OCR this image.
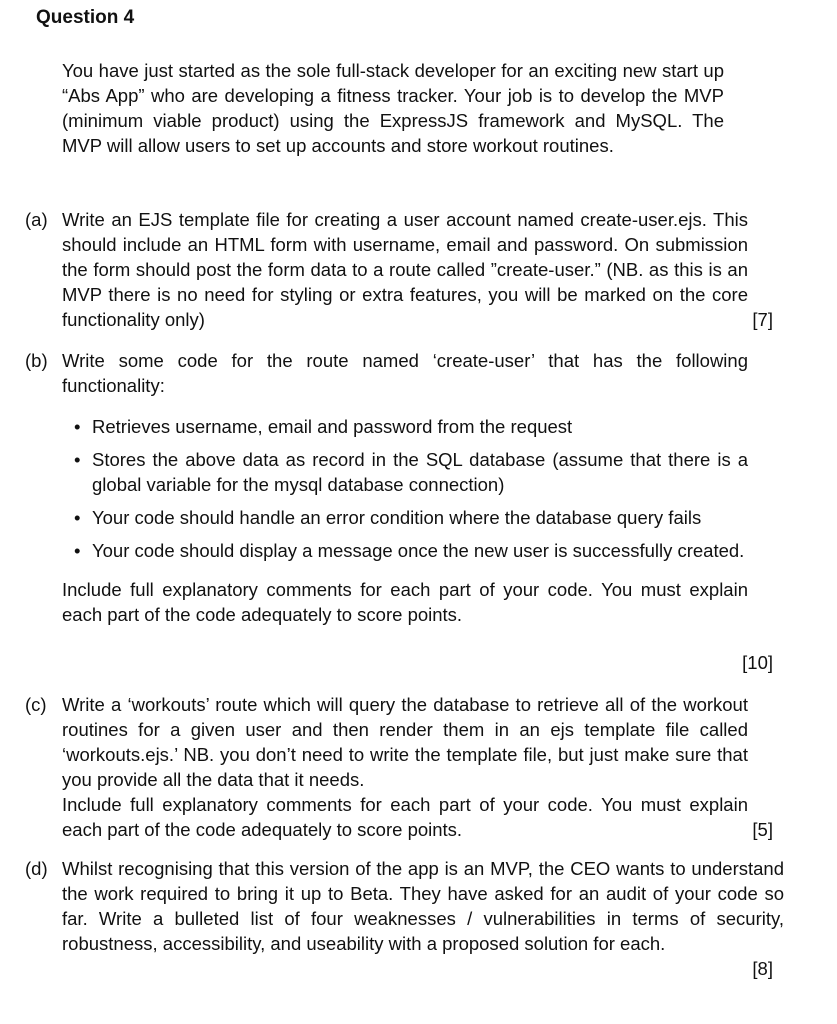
Question 4
You have just started as the sole full-stack developer for an exciting new start up “Abs App” who are developing a fitness tracker. Your job is to develop the MVP (minimum viable product) using the ExpressJS framework and MySQL. The MVP will allow users to set up accounts and store workout routines.
(a) Write an EJS template file for creating a user account named create-user.ejs. This should include an HTML form with username, email and password. On submission the form should post the form data to a route called ”create-user.” (NB. as this is an MVP there is no need for styling or extra features, you will be marked on the core functionality only)	[7]
(b) Write some code for the route named ‘create-user’ that has the following functionality:

• Retrieves username, email and password from the request
• Stores the above data as record in the SQL database (assume that there is a global variable for the mysql database connection)
• Your code should handle an error condition where the database query fails
• Your code should display a message once the new user is successfully created.

Include full explanatory comments for each part of your code. You must explain each part of the code adequately to score points.

[10]
(c) Write a ‘workouts’ route which will query the database to retrieve all of the workout routines for a given user and then render them in an ejs template file called ‘workouts.ejs.’ NB. you don’t need to write the template file, but just make sure that you provide all the data that it needs.

Include full explanatory comments for each part of your code. You must explain each part of the code adequately to score points.	[5]
(d) Whilst recognising that this version of the app is an MVP, the CEO wants to understand the work required to bring it up to Beta. They have asked for an audit of your code so far. Write a bulleted list of four weaknesses / vulnerabilities in terms of security, robustness, accessibility, and useability with a proposed solution for each.
[8]
